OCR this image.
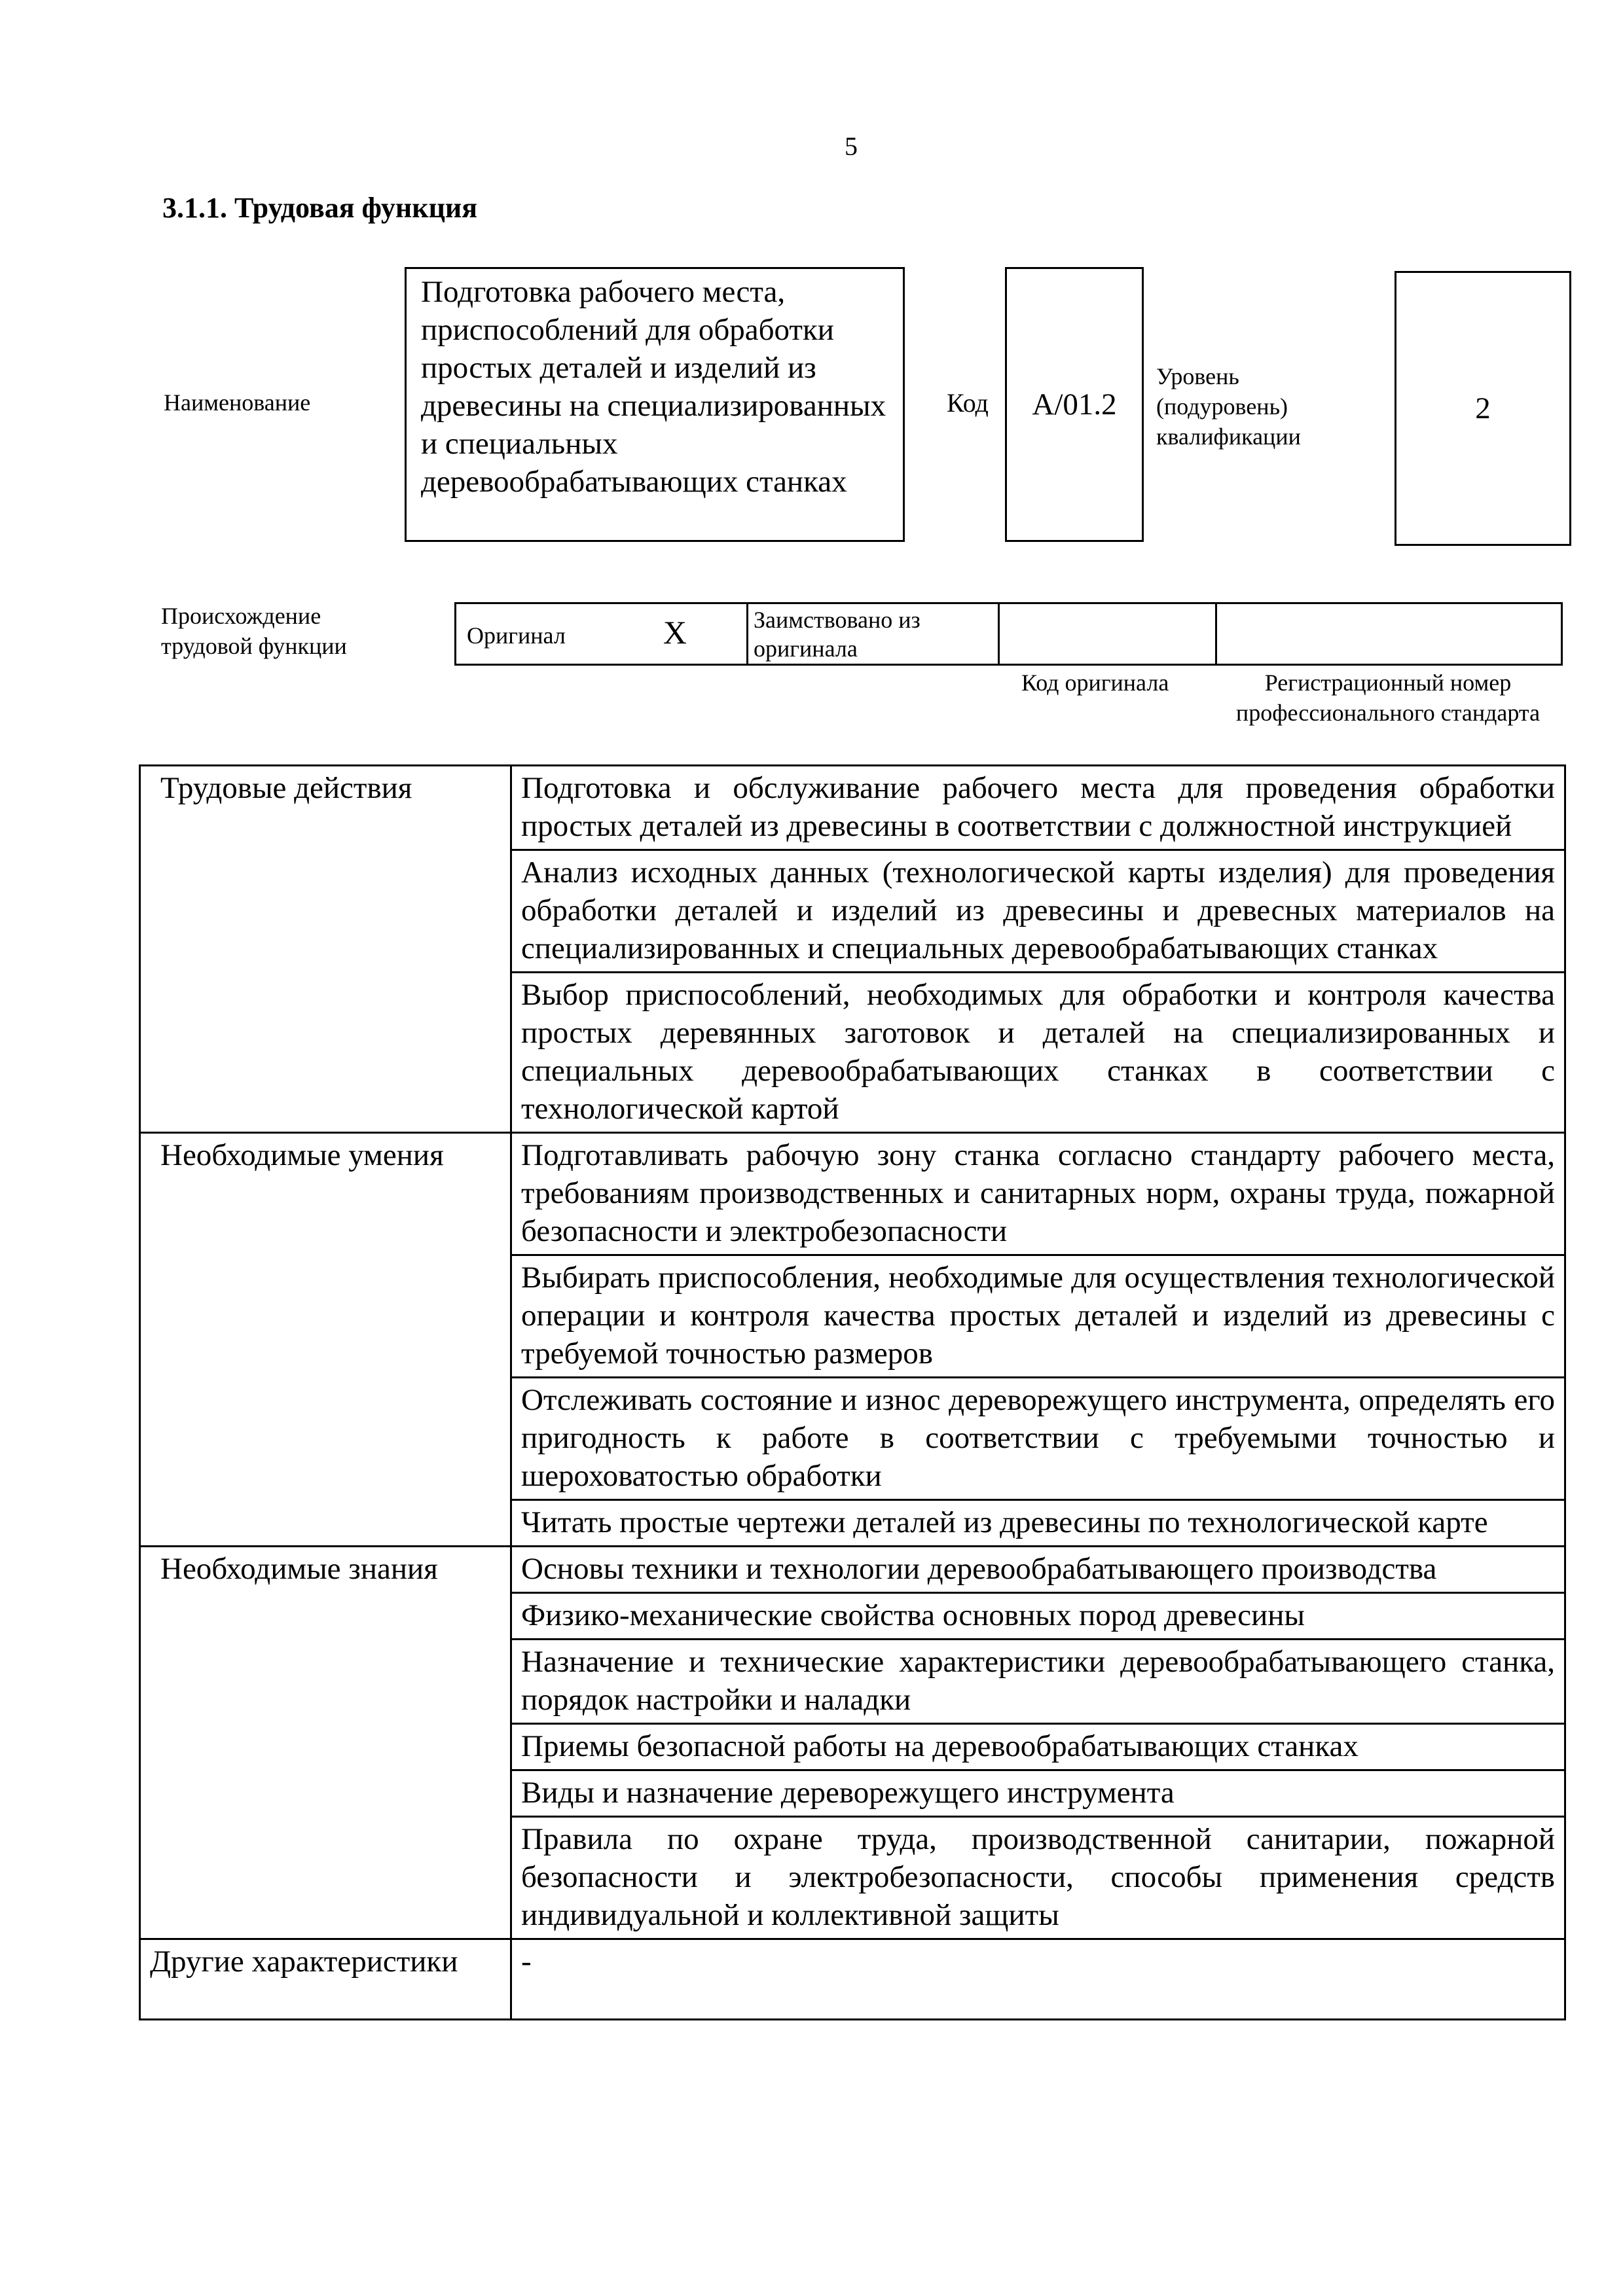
5
3.1.1. Трудовая функция
Наименование
Подготовка рабочего места, приспособлений для обработки простых деталей и изделий из древесины на специализированных и специальных деревообрабатывающих станках
Код A/01.2
Уровень (подуровень) квалификации
2
Происхождение трудовой функции	Оригинал	X	Заимствовано из оригинала		
Код оригинала	Регистрационный номер профессионального стандарта
Трудовые действия	Подготовка и обслуживание рабочего места для проведения обработки простых деталей из древесины в соответствии с должностной инструкцией
	Анализ исходных данных (технологической карты изделия) для проведения обработки деталей и изделий из древесины и древесных материалов на специализированных и специальных деревообрабатывающих станках
	Выбор приспособлений, необходимых для обработки и контроля качества простых деревянных заготовок и деталей на специализированных и специальных деревообрабатывающих станках в соответствии с технологической картой
Необходимые умения	Подготавливать рабочую зону станка согласно стандарту рабочего места, требованиям производственных и санитарных норм, охраны труда, пожарной безопасности и электробезопасности
	Выбирать приспособления, необходимые для осуществления технологической операции и контроля качества простых деталей и изделий из древесины с требуемой точностью размеров
	Отслеживать состояние и износ дереворежущего инструмента, определять его пригодность к работе в соответствии с требуемыми точностью и шероховатостью обработки
	Читать простые чертежи деталей из древесины по технологической карте
Необходимые знания	Основы техники и технологии деревообрабатывающего производства
	Физико-механические свойства основных пород древесины
	Назначение и технические характеристики деревообрабатывающего станка, порядок настройки и наладки
	Приемы безопасной работы на деревообрабатывающих станках
	Виды и назначение дереворежущего инструмента
	Правила по охране труда, производственной санитарии, пожарной безопасности и электробезопасности, способы применения средств индивидуальной и коллективной защиты
Другие характеристики	-
